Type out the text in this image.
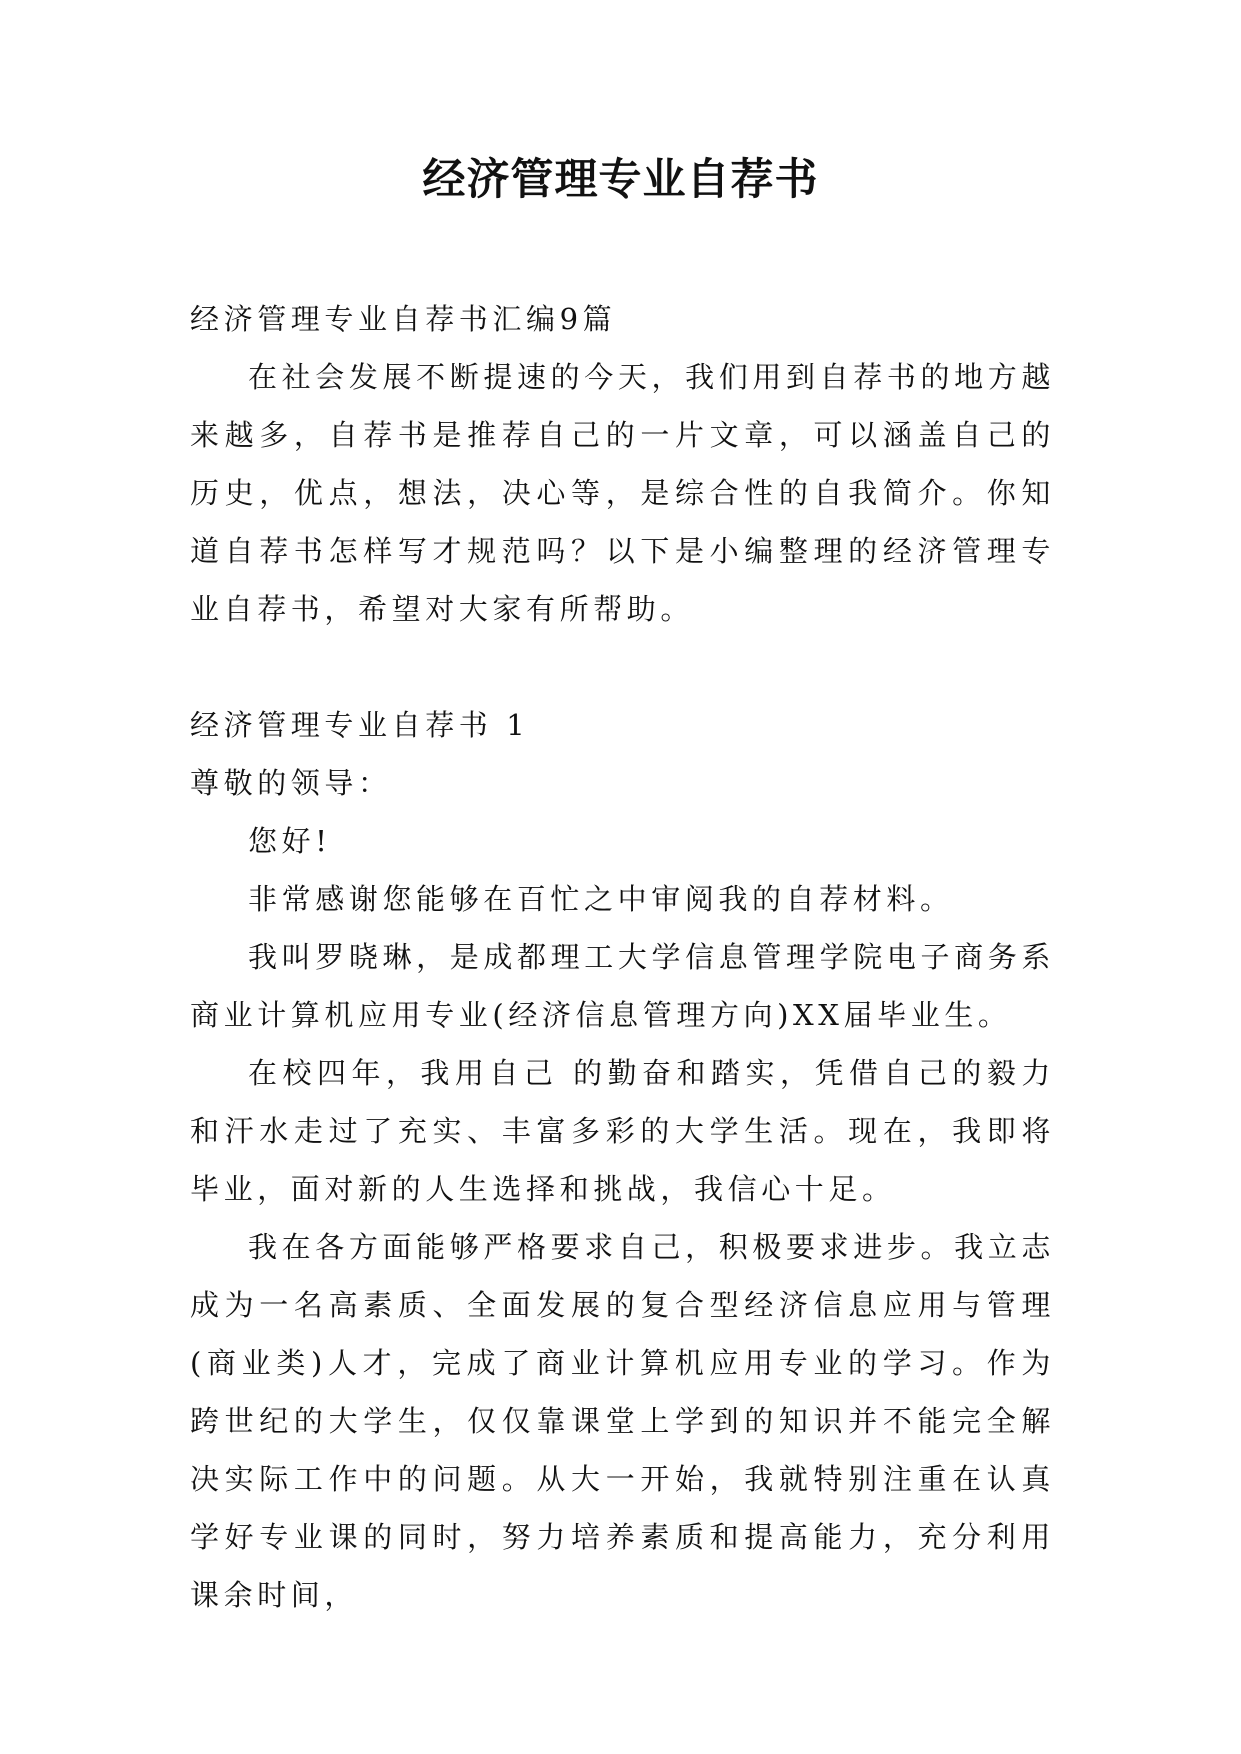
经济管理专业自荐书

经济管理专业自荐书汇编9篇

在社会发展不断提速的今天，我们用到自荐书的地方越来越多，自荐书是推荐自己的一片文章，可以涵盖自己的历史，优点，想法，决心等，是综合性的自我简介。你知道自荐书怎样写才规范吗？以下是小编整理的经济管理专业自荐书，希望对大家有所帮助。

经济管理专业自荐书 1

尊敬的领导：

您好!

非常感谢您能够在百忙之中审阅我的自荐材料。

我叫罗晓琳，是成都理工大学信息管理学院电子商务系商业计算机应用专业(经济信息管理方向)XX届毕业生。

在校四年，我用自己 的勤奋和踏实，凭借自己的毅力和汗水走过了充实、丰富多彩的大学生活。现在，我即将毕业，面对新的人生选择和挑战，我信心十足。

我在各方面能够严格要求自己，积极要求进步。我立志成为一名高素质、全面发展的复合型经济信息应用与管理(商业类)人才，完成了商业计算机应用专业的学习。作为跨世纪的大学生，仅仅靠课堂上学到的知识并不能完全解决实际工作中的问题。从大一开始，我就特别注重在认真学好专业课的同时，努力培养素质和提高能力，充分利用课余时间，
